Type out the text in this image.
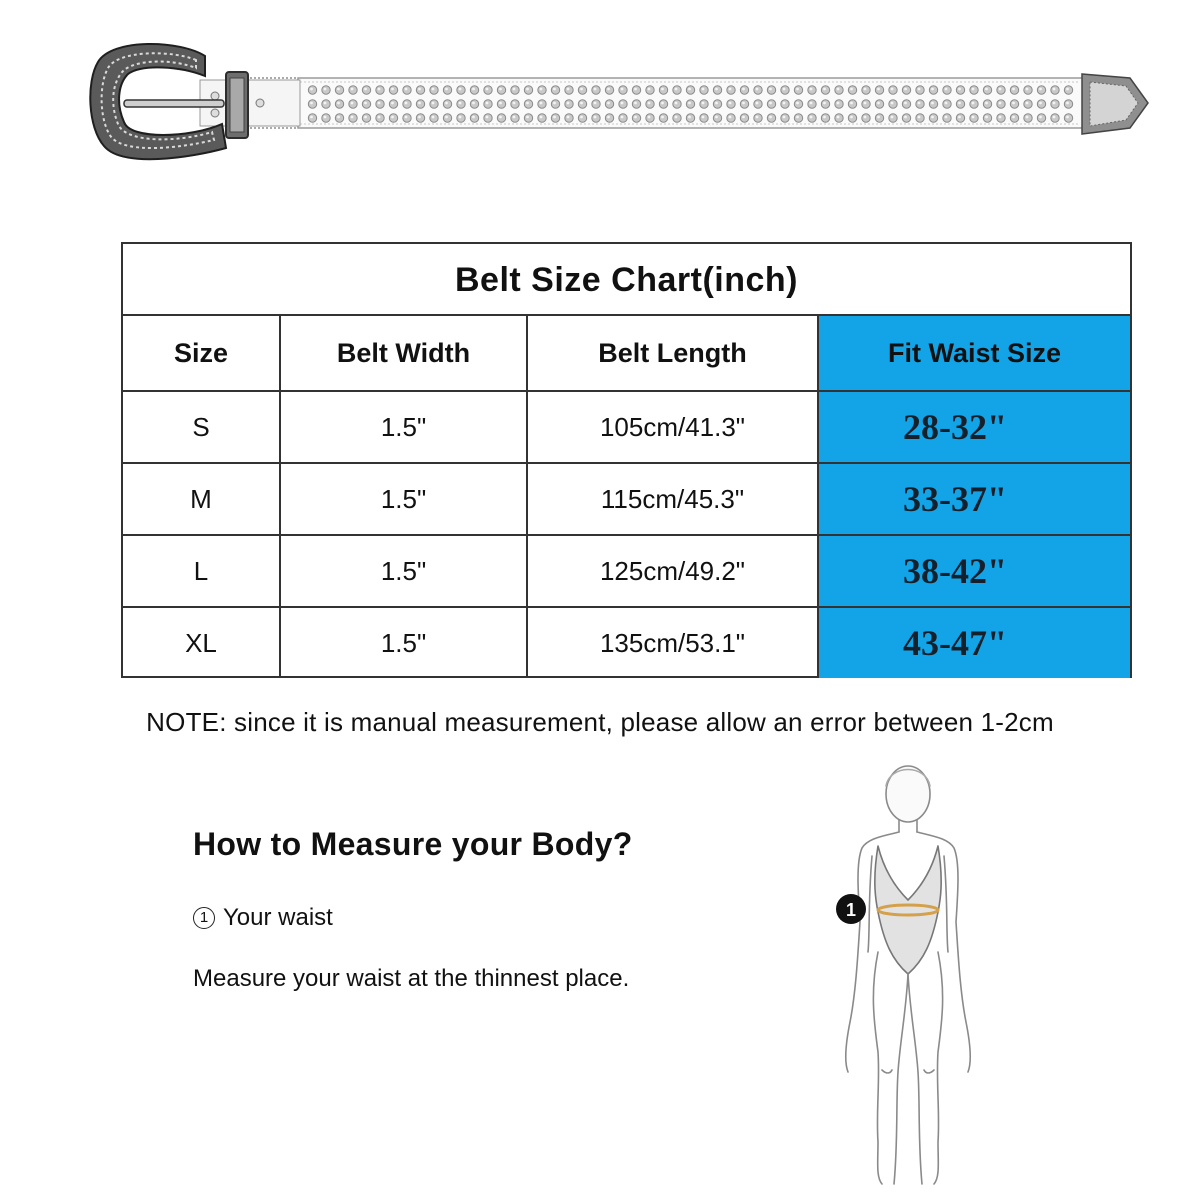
Belt Size Chart(inch)
Size	Belt Width	Belt Length	Fit Waist Size
S	1.5"	105cm/41.3"	28-32"
M	1.5"	115cm/45.3"	33-37"
L	1.5"	125cm/49.2"	38-42"
XL	1.5"	135cm/53.1"	43-47"
NOTE: since it is manual measurement, please allow an error between 1-2cm
How to Measure your Body?
1 Your waist
Measure your waist at the thinnest place.
1
